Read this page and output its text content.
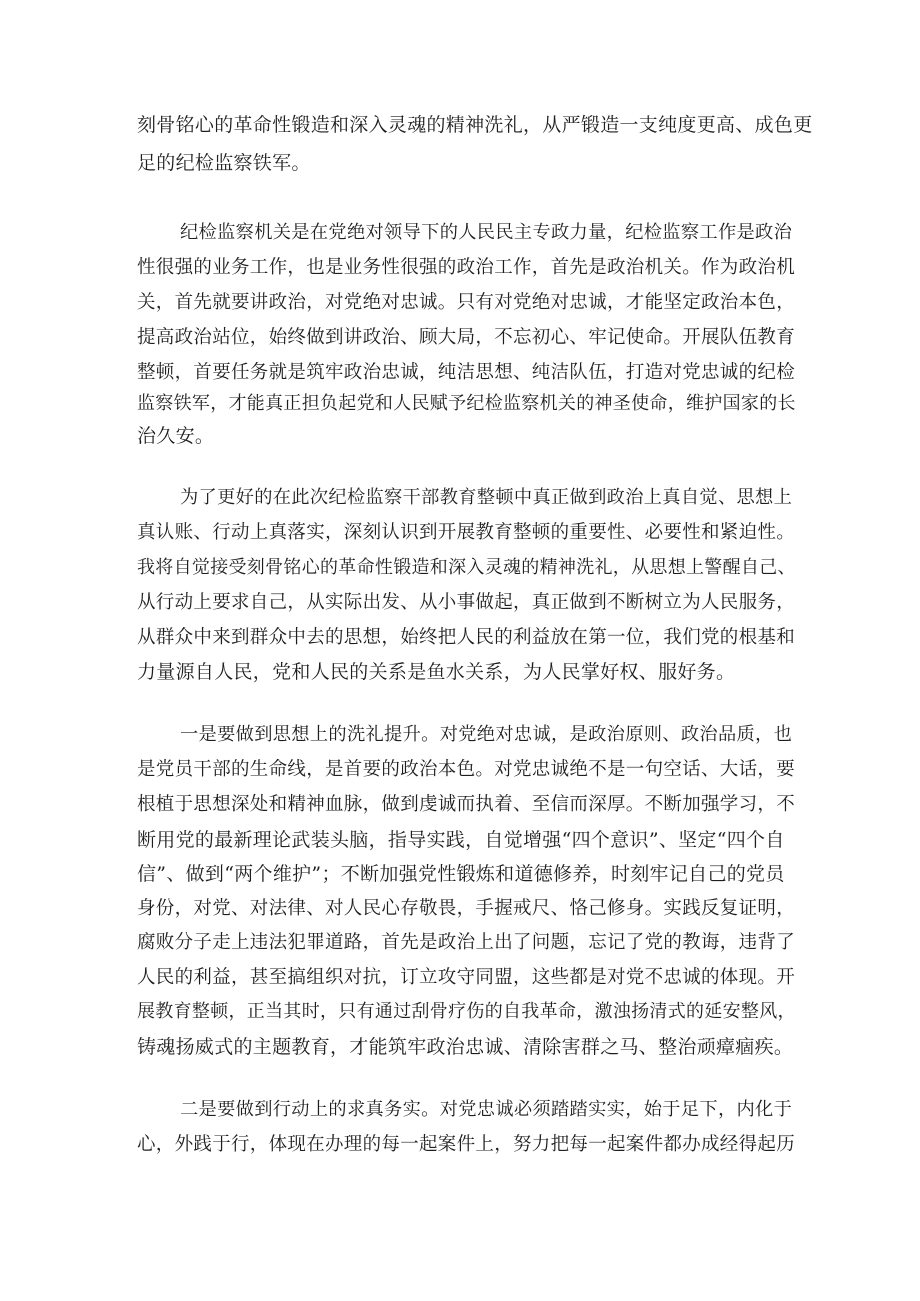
刻骨铭心的革命性锻造和深入灵魂的精神洗礼，从严锻造一支纯度更高、成色更

足的纪检监察铁军。

纪检监察机关是在党绝对领导下的人民民主专政力量，纪检监察工作是政治

性很强的业务工作，也是业务性很强的政治工作，首先是政治机关。作为政治机

关，首先就要讲政治，对党绝对忠诚。只有对党绝对忠诚，才能坚定政治本色，

提高政治站位，始终做到讲政治、顾大局，不忘初心、牢记使命。开展队伍教育

整顿，首要任务就是筑牢政治忠诚，纯洁思想、纯洁队伍，打造对党忠诚的纪检

监察铁军，才能真正担负起党和人民赋予纪检监察机关的神圣使命，维护国家的长

治久安。

为了更好的在此次纪检监察干部教育整顿中真正做到政治上真自觉、思想上

真认账、行动上真落实，深刻认识到开展教育整顿的重要性、必要性和紧迫性。

我将自觉接受刻骨铭心的革命性锻造和深入灵魂的精神洗礼，从思想上警醒自己、

从行动上要求自己，从实际出发、从小事做起，真正做到不断树立为人民服务，

从群众中来到群众中去的思想，始终把人民的利益放在第一位，我们党的根基和

力量源自人民，党和人民的关系是鱼水关系，为人民掌好权、服好务。

一是要做到思想上的洗礼提升。对党绝对忠诚，是政治原则、政治品质，也

是党员干部的生命线，是首要的政治本色。对党忠诚绝不是一句空话、大话，要

根植于思想深处和精神血脉，做到虔诚而执着、至信而深厚。不断加强学习，不

断用党的最新理论武装头脑，指导实践，自觉增强“四个意识”、坚定“四个自

信”、做到“两个维护”；不断加强党性锻炼和道德修养，时刻牢记自己的党员

身份，对党、对法律、对人民心存敬畏，手握戒尺、恪己修身。实践反复证明，

腐败分子走上违法犯罪道路，首先是政治上出了问题，忘记了党的教诲，违背了

人民的利益，甚至搞组织对抗，订立攻守同盟，这些都是对党不忠诚的体现。开

展教育整顿，正当其时，只有通过刮骨疗伤的自我革命，激浊扬清式的延安整风，

铸魂扬威式的主题教育，才能筑牢政治忠诚、清除害群之马、整治顽瘴痼疾。

二是要做到行动上的求真务实。对党忠诚必须踏踏实实，始于足下，内化于

心，外践于行，体现在办理的每一起案件上，努力把每一起案件都办成经得起历
